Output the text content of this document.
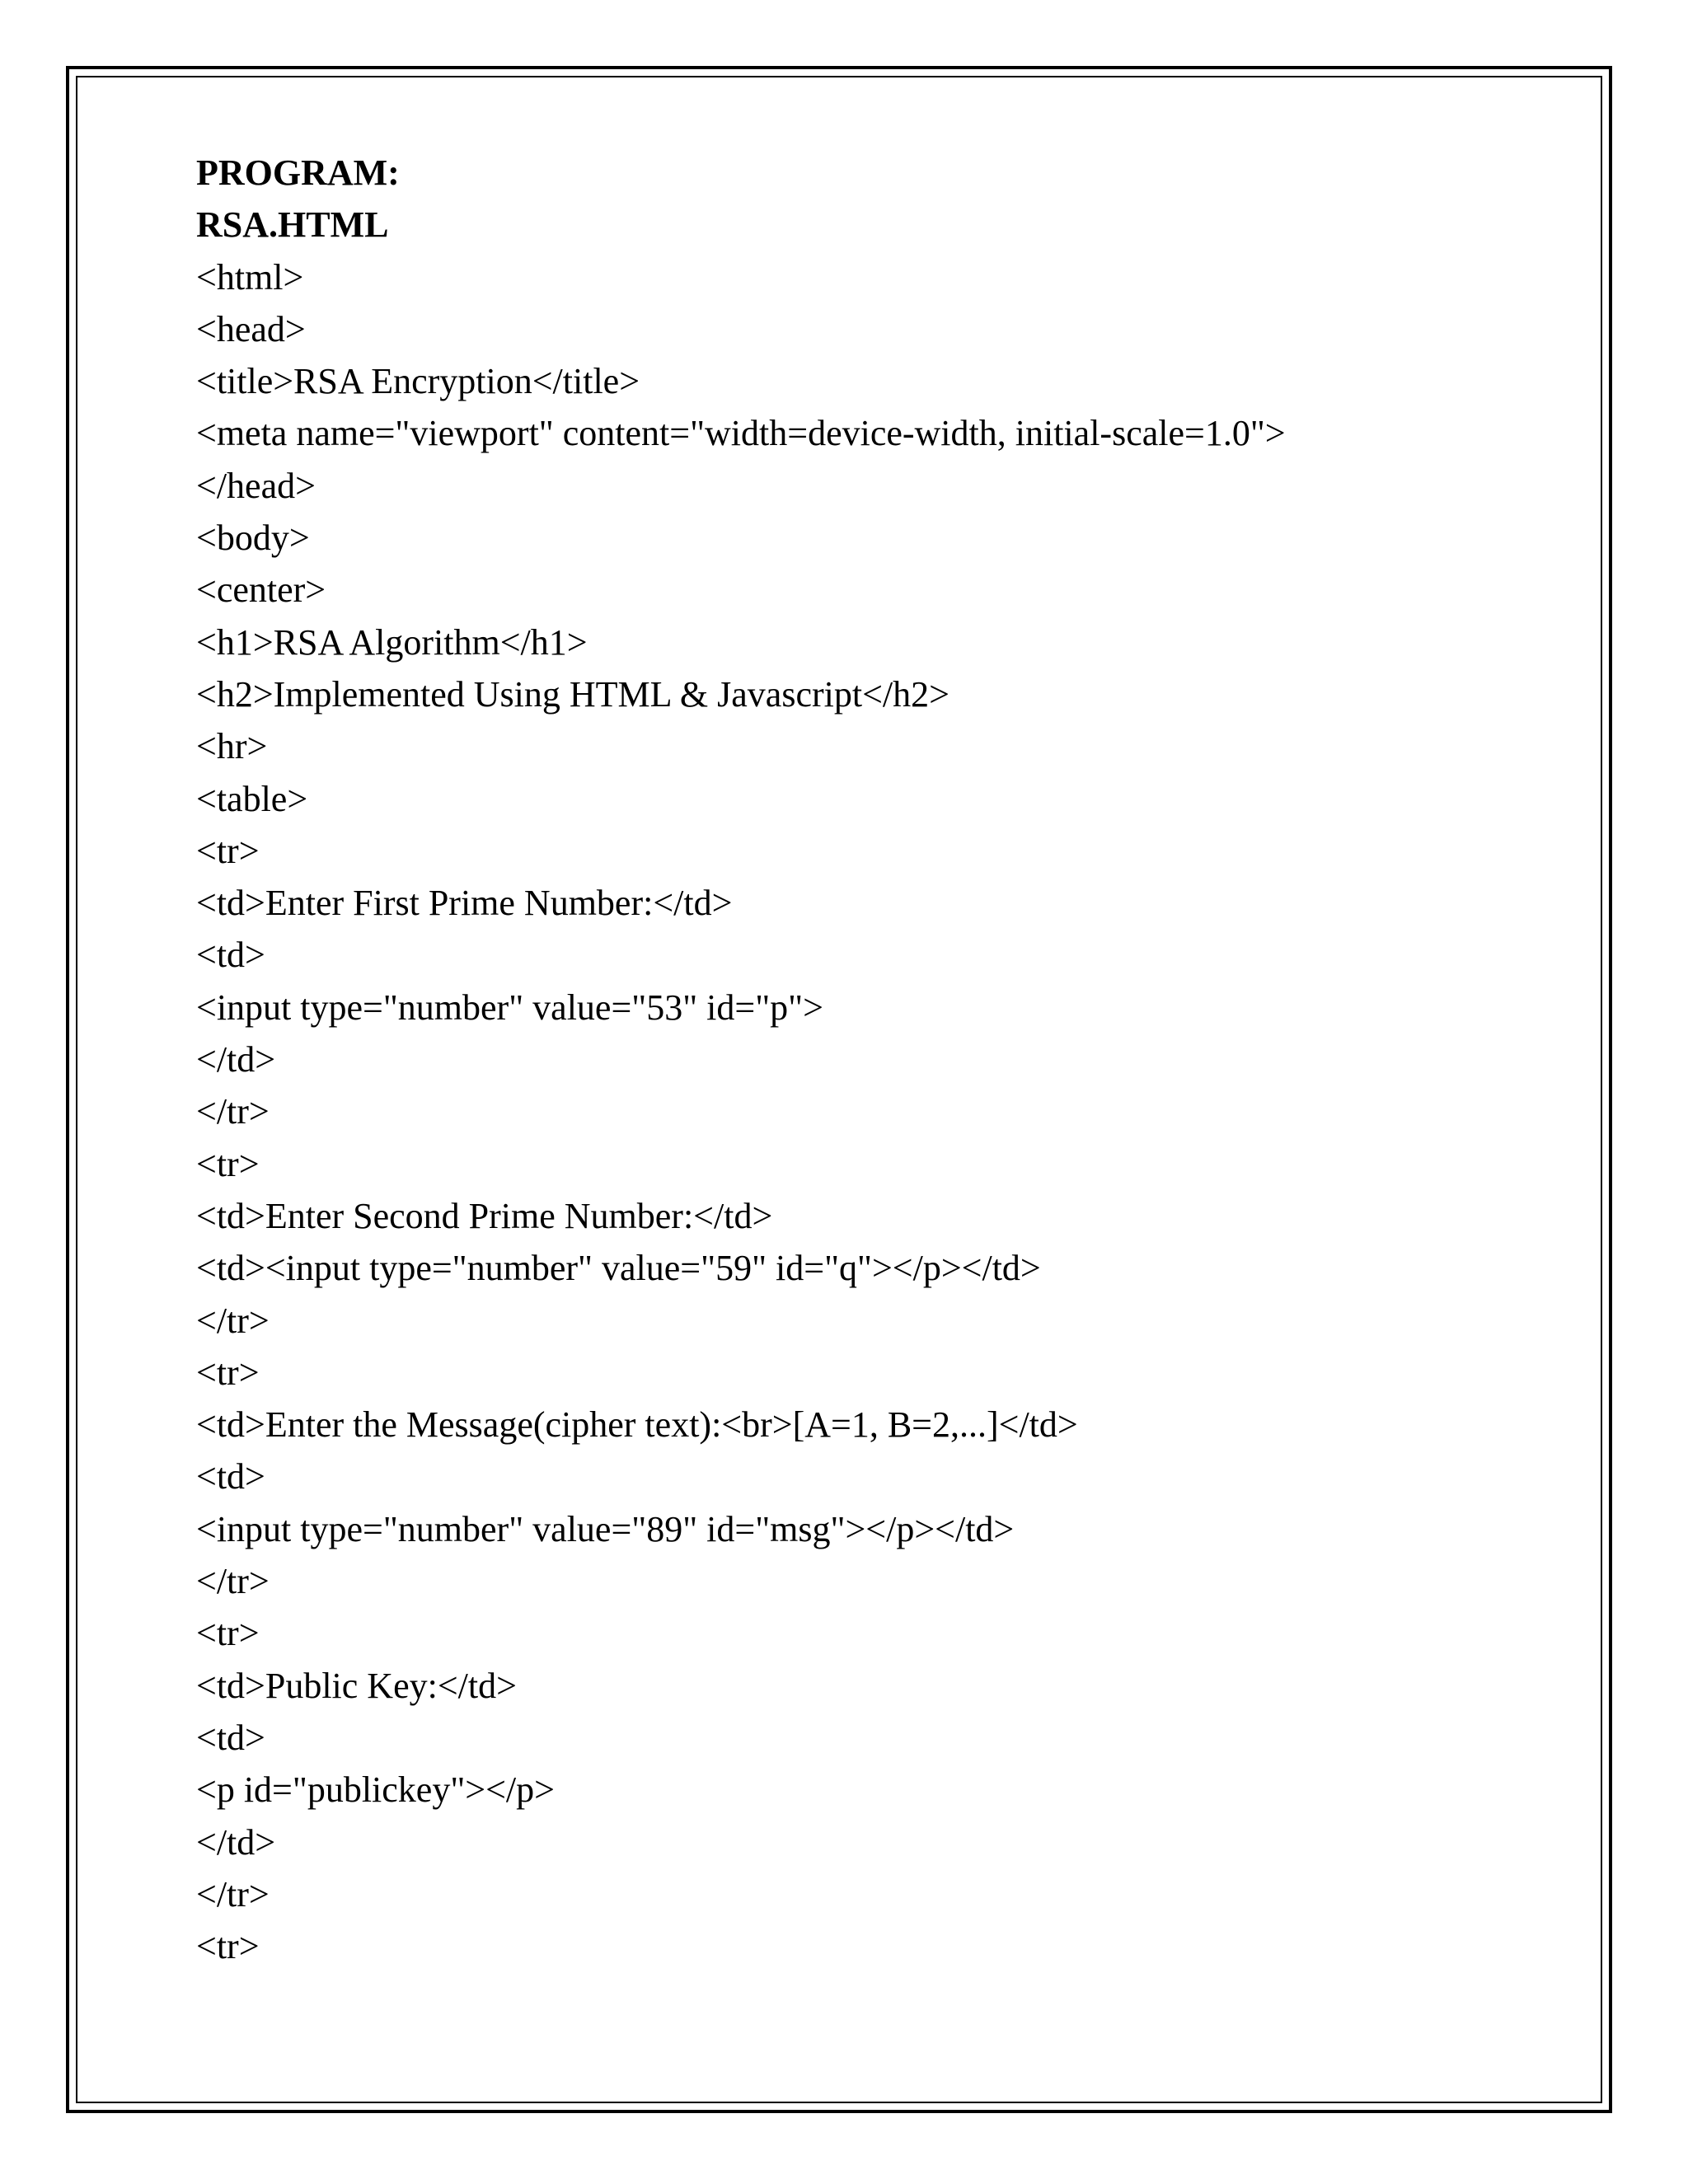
PROGRAM:
RSA.HTML
<html>
<head>
<title>RSA Encryption</title>
<meta name="viewport" content="width=device-width, initial-scale=1.0">
</head>
<body>
<center>
<h1>RSA Algorithm</h1>
<h2>Implemented Using HTML & Javascript</h2>
<hr>
<table>
<tr>
<td>Enter First Prime Number:</td>
<td>
<input type="number" value="53" id="p">
</td>
</tr>
<tr>
<td>Enter Second Prime Number:</td>
<td><input type="number" value="59" id="q"></p></td>
</tr>
<tr>
<td>Enter the Message(cipher text):<br>[A=1, B=2,...]</td>
<td>
<input type="number" value="89" id="msg"></p></td>
</tr>
<tr>
<td>Public Key:</td>
<td>
<p id="publickey"></p>
</td>
</tr>
<tr>
